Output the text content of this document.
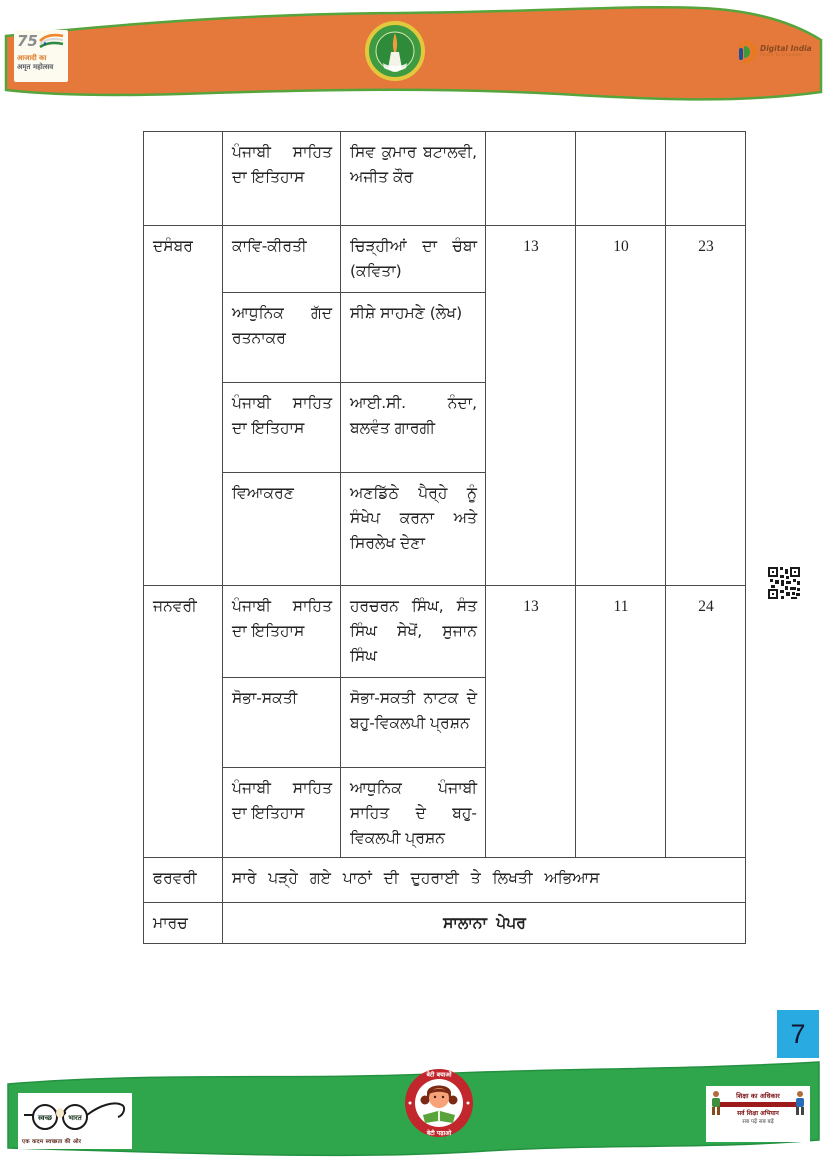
75
आजादी का
अमृत महोत्सव
Digital India
Power To Empower
	ਪੰਜਾਬੀ ਸਾਹਿਤ ਦਾ ਇਤਿਹਾਸ	ਸਿਵ ਕੁਮਾਰ ਬਟਾਲਵੀ, ਅਜੀਤ ਕੌਰ			
ਦਸੰਬਰ	ਕਾਵਿ-ਕੀਰਤੀ	ਚਿੜ੍ਹੀਆਂ ਦਾ ਚੰਬਾ (ਕਵਿਤਾ)	13	10	23
	ਆਧੁਨਿਕ ਗੱਦ ਰਤਨਾਕਰ	ਸੀਸ਼ੇ ਸਾਹਮਣੇ (ਲੇਖ)			
	ਪੰਜਾਬੀ ਸਾਹਿਤ ਦਾ ਇਤਿਹਾਸ	ਆਈ.ਸੀ. ਨੰਦਾ, ਬਲਵੰਤ ਗਾਰਗੀ			
	ਵਿਆਕਰਣ	ਅਣਡਿੱਠੇ ਪੈਰ੍ਹੇ ਨੂੰ ਸੰਖੇਪ ਕਰਨਾ ਅਤੇ ਸਿਰਲੇਖ ਦੇਣਾ			
ਜਨਵਰੀ	ਪੰਜਾਬੀ ਸਾਹਿਤ ਦਾ ਇਤਿਹਾਸ	ਹਰਚਰਨ ਸਿੰਘ, ਸੰਤ ਸਿੰਘ ਸੇਖੋਂ, ਸੁਜਾਨ ਸਿੰਘ	13	11	24
	ਸੋਭਾ-ਸਕਤੀ	ਸੋਭਾ-ਸਕਤੀ ਨਾਟਕ ਦੇ ਬਹੁ-ਵਿਕਲਪੀ ਪ੍ਰਸ਼ਨ			
	ਪੰਜਾਬੀ ਸਾਹਿਤ ਦਾ ਇਤਿਹਾਸ	ਆਧੁਨਿਕ ਪੰਜਾਬੀ ਸਾਹਿਤ ਦੇ ਬਹੁ-ਵਿਕਲਪੀ ਪ੍ਰਸ਼ਨ			
ਫਰਵਰੀ	ਸਾਰੇ ਪੜ੍ਹੇ ਗਏ ਪਾਠਾਂ ਦੀ ਦੁਹਰਾਈ ਤੇ ਲਿਖਤੀ ਅਭਿਆਸ				
ਮਾਰਚ	ਸਾਲਾਨਾ ਪੇਪਰ				
7
स्वच्छ भारत
एक कदम स्वच्छता की ओर
बेटी बचाओ
बेटी पढ़ाओ
शिक्षा का अधिकार
सर्व शिक्षा अभियान
सब पढ़ें सब बढ़ें
